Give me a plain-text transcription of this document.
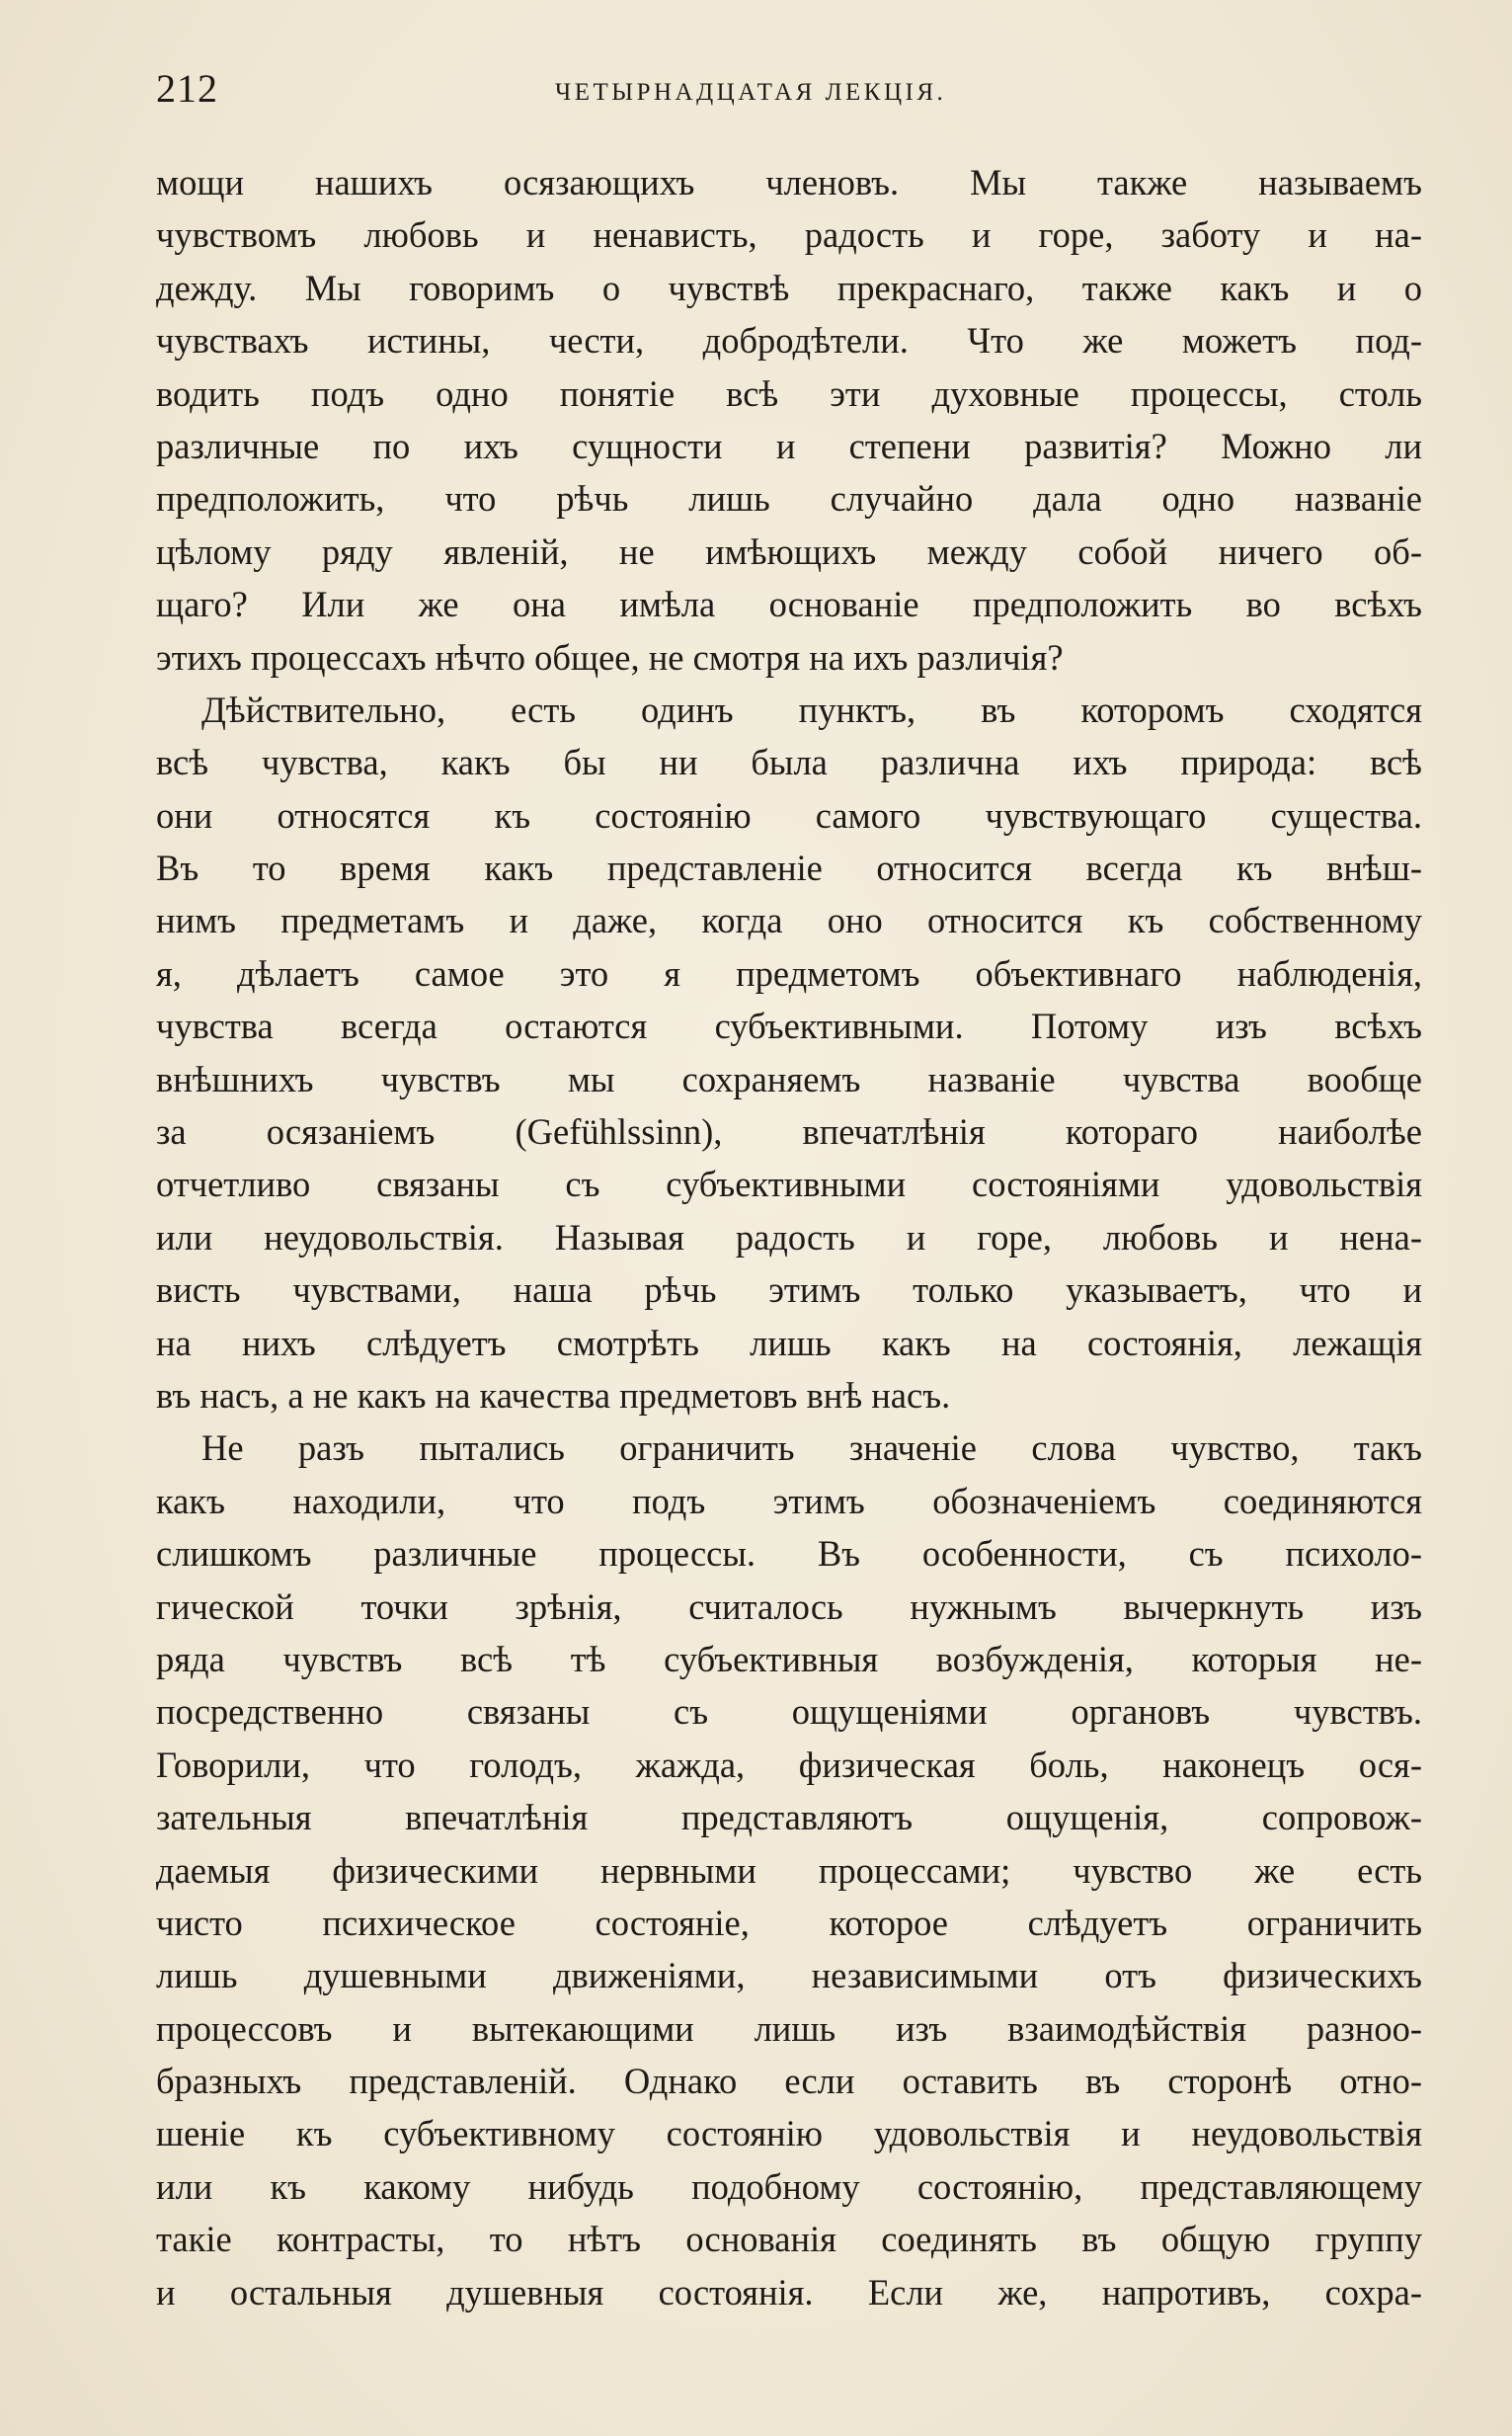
212	ЧЕТЫРНАДЦАТАЯ ЛЕКЦІЯ.
мощи нашихъ осязающихъ членовъ. Мы также называемъ
чувствомъ любовь и ненависть, радость и горе, заботу и на-
дежду. Мы говоримъ о чувствѣ прекраснаго, также какъ и о
чувствахъ истины, чести, добродѣтели. Что же можетъ под-
водить подъ одно понятіе всѣ эти духовные процессы, столь
различные по ихъ сущности и степени развитія? Можно ли
предположить, что рѣчь лишь случайно дала одно названіе
цѣлому ряду явленій, не имѣющихъ между собой ничего об-
щаго? Или же она имѣла основаніе предположить во всѣхъ
этихъ процессахъ нѣчто общее, не смотря на ихъ различія?
Дѣйствительно, есть одинъ пунктъ, въ которомъ сходятся
всѣ чувства, какъ бы ни была различна ихъ природа: всѣ
они относятся къ состоянію самого чувствующаго существа.
Въ то время какъ представленіе относится всегда къ внѣш-
нимъ предметамъ и даже, когда оно относится къ собственному
я, дѣлаетъ самое это я предметомъ объективнаго наблюденія,
чувства всегда остаются субъективными. Потому изъ всѣхъ
внѣшнихъ чувствъ мы сохраняемъ названіе чувства вообще
за осязаніемъ (Gefühlssinn), впечатлѣнія котораго наиболѣе
отчетливо связаны съ субъективными состояніями удовольствія
или неудовольствія. Называя радость и горе, любовь и нена-
висть чувствами, наша рѣчь этимъ только указываетъ, что и
на нихъ слѣдуетъ смотрѣть лишь какъ на состоянія, лежащія
въ насъ, а не какъ на качества предметовъ внѣ насъ.
Не разъ пытались ограничить значеніе слова чувство, такъ
какъ находили, что подъ этимъ обозначеніемъ соединяются
слишкомъ различные процессы. Въ особенности, съ психоло-
гической точки зрѣнія, считалось нужнымъ вычеркнуть изъ
ряда чувствъ всѣ тѣ субъективныя возбужденія, которыя не-
посредственно связаны съ ощущеніями органовъ чувствъ.
Говорили, что голодъ, жажда, физическая боль, наконецъ ося-
зательныя впечатлѣнія представляютъ ощущенія, сопровож-
даемыя физическими нервными процессами; чувство же есть
чисто психическое состояніе, которое слѣдуетъ ограничить
лишь душевными движеніями, независимыми отъ физическихъ
процессовъ и вытекающими лишь изъ взаимодѣйствія разноо-
бразныхъ представленій. Однако если оставить въ сторонѣ отно-
шеніе къ субъективному состоянію удовольствія и неудовольствія
или къ какому нибудь подобному состоянію, представляющему
такіе контрасты, то нѣтъ основанія соединять въ общую группу
и остальныя душевныя состоянія. Если же, напротивъ, сохра-
